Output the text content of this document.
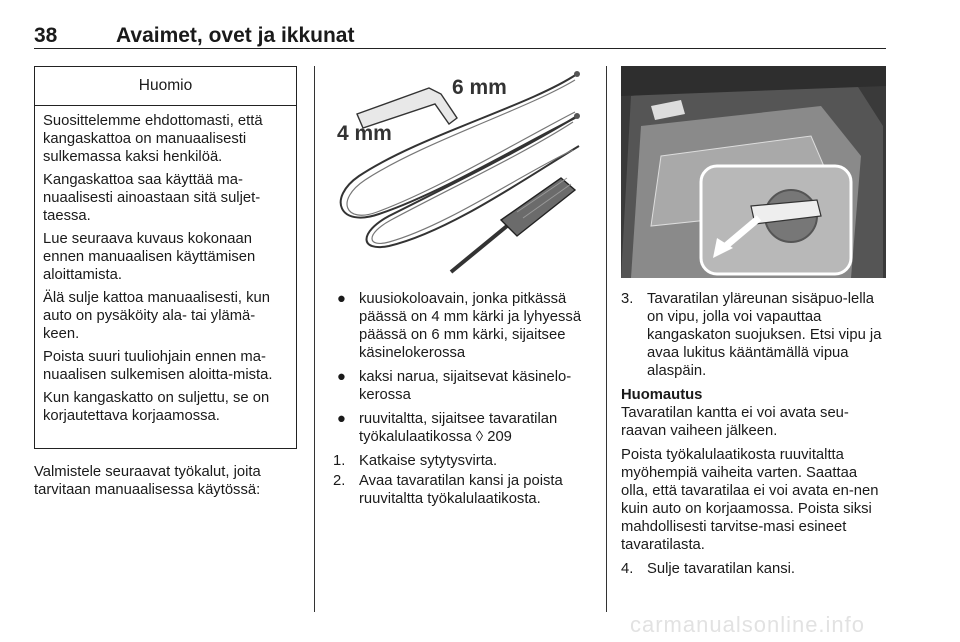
38	Avaimet, ovet ja ikkunat
Huomio

Suosittelemme ehdottomasti, että kangaskattoa on manuaalisesti sulkemassa kaksi henkilöä.

Kangaskattoa saa käyttää ma-nuaalisesti ainoastaan sitä suljet-taessa.

Lue seuraava kuvaus kokonaan ennen manuaalisen käyttämisen aloittamista.

Älä sulje kattoa manuaalisesti, kun auto on pysäköity ala- tai ylämä-keen.

Poista suuri tuuliohjain ennen ma-nuaalisen sulkemisen aloitta-mista.

Kun kangaskatto on suljettu, se on korjautettava korjaamossa.

Valmistele seuraavat työkalut, joita tarvitaan manuaalisessa käytössä:

6 mm
4 mm
● kuusiokoloavain, jonka pitkässä päässä on 4 mm kärki ja lyhyessä päässä on 6 mm kärki, sijaitsee käsinelokerossa
● kaksi narua, sijaitsevat käsinelo-kerossa
● ruuvitaltta, sijaitsee tavaratilan työkalulaatikossa ◊ 209
1. Katkaise sytytysvirta.
2. Avaa tavaratilan kansi ja poista ruuvitaltta työkalulaatikosta.
3. Tavaratilan yläreunan sisäpuo-lella on vipu, jolla voi vapauttaa kangaskaton suojuksen. Etsi vipu ja avaa lukitus kääntämällä vipua alaspäin.
Huomautus

Tavaratilan kantta ei voi avata seu-raavan vaiheen jälkeen.

Poista työkalulaatikosta ruuvitaltta myöhempiä vaiheita varten. Saattaa olla, että tavaratilaa ei voi avata en-nen kuin auto on korjaamossa. Poista siksi mahdollisesti tarvitse-masi esineet tavaratilasta.

4. Sulje tavaratilan kansi.
carmanualsonline.info
